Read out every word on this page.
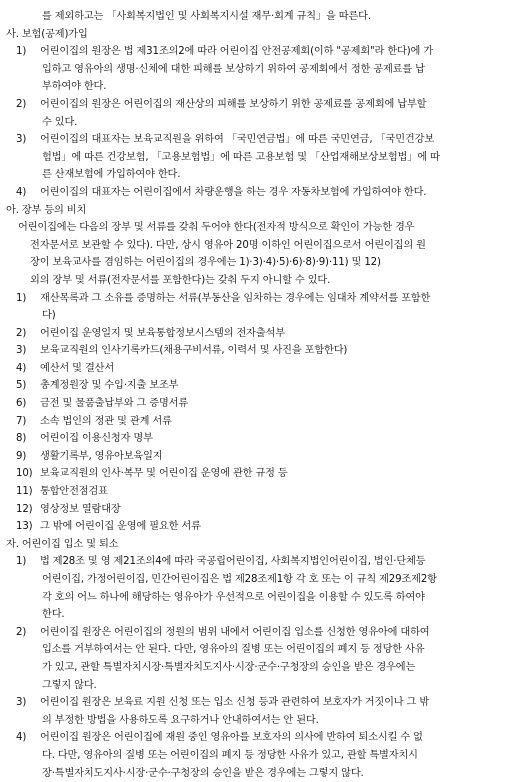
를 제외하고는 「사회복지법인 및 사회복지시설 재무·회계 규칙」을 따른다.
사. 보험(공제)가입
1) 어린이집의 원장은 법 제31조의2에 따라 어린이집 안전공제회(이하 "공제회"라 한다)에 가
입하고 영유아의 생명·신체에 대한 피해를 보상하기 위하여 공제회에서 정한 공제료를 납
부하여야 한다.
2) 어린이집의 원장은 어린이집의 재산상의 피해를 보상하기 위한 공제료를 공제회에 납부할
수 있다.
3) 어린이집의 대표자는 보육교직원을 위하여 「국민연금법」에 따른 국민연금, 「국민건강보
험법」에 따른 건강보험, 「고용보험법」에 따른 고용보험 및 「산업재해보상보험법」에 따
른 산재보험에 가입하여야 한다.
4) 어린이집의 대표자는 어린이집에서 차량운행을 하는 경우 자동차보험에 가입하여야 한다.
아. 장부 등의 비치
어린이집에는 다음의 장부 및 서류를 갖춰 두어야 한다(전자적 방식으로 확인이 가능한 경우
전자문서로 보관할 수 있다). 다만, 상시 영유아 20명 이하인 어린이집으로서 어린이집의 원
장이 보육교사를 겸임하는 어린이집의 경우에는 1)·3)·4)·5)·6)·8)·9)·11) 및 12)
외의 장부 및 서류(전자문서를 포함한다)는 갖춰 두지 아니할 수 있다.
1) 재산목록과 그 소유를 증명하는 서류(부동산을 임차하는 경우에는 임대차 계약서를 포함한
다)
2) 어린이집 운영일지 및 보육통합정보시스템의 전자출석부
3) 보육교직원의 인사기록카드(채용구비서류, 이력서 및 사진을 포함한다)
4) 예산서 및 결산서
5) 총계정원장 및 수입·지출 보조부
6) 금전 및 물품출납부와 그 증명서류
7) 소속 법인의 정관 및 관계 서류
8) 어린이집 이용신청자 명부
9) 생활기록부, 영유아보육일지
10) 보육교직원의 인사·복무 및 어린이집 운영에 관한 규정 등
11) 통합안전점검표
12) 영상정보 열람대장
13) 그 밖에 어린이집 운영에 필요한 서류
자. 어린이집 입소 및 퇴소
1) 법 제28조 및 영 제21조의4에 따라 국공립어린이집, 사회복지법인어린이집, 법인·단체등
어린이집, 가정어린이집, 민간어린이집은 법 제28조제1항 각 호 또는 이 규칙 제29조제2항
각 호의 어느 하나에 해당하는 영유아가 우선적으로 어린이집을 이용할 수 있도록 하여야
한다.
2) 어린이집 원장은 어린이집의 정원의 범위 내에서 어린이집 입소를 신청한 영유아에 대하여
입소를 거부하여서는 안 된다. 다만, 영유아의 질병 또는 어린이집의 폐지 등 정당한 사유
가 있고, 관할 특별자치시장·특별자치도지사·시장·군수·구청장의 승인을 받은 경우에는
그렇지 않다.
3) 어린이집 원장은 보육료 지원 신청 또는 입소 신청 등과 관련하여 보호자가 거짓이나 그 밖
의 부정한 방법을 사용하도록 요구하거나 안내하여서는 안 된다.
4) 어린이집 원장은 어린이집에 재원 중인 영유아를 보호자의 의사에 반하여 퇴소시킬 수 없
다. 다만, 영유아의 질병 또는 어린이집의 폐지 등 정당한 사유가 있고, 관할 특별자치시
장·특별자치도지사·시장·군수·구청장의 승인을 받은 경우에는 그렇지 않다.
